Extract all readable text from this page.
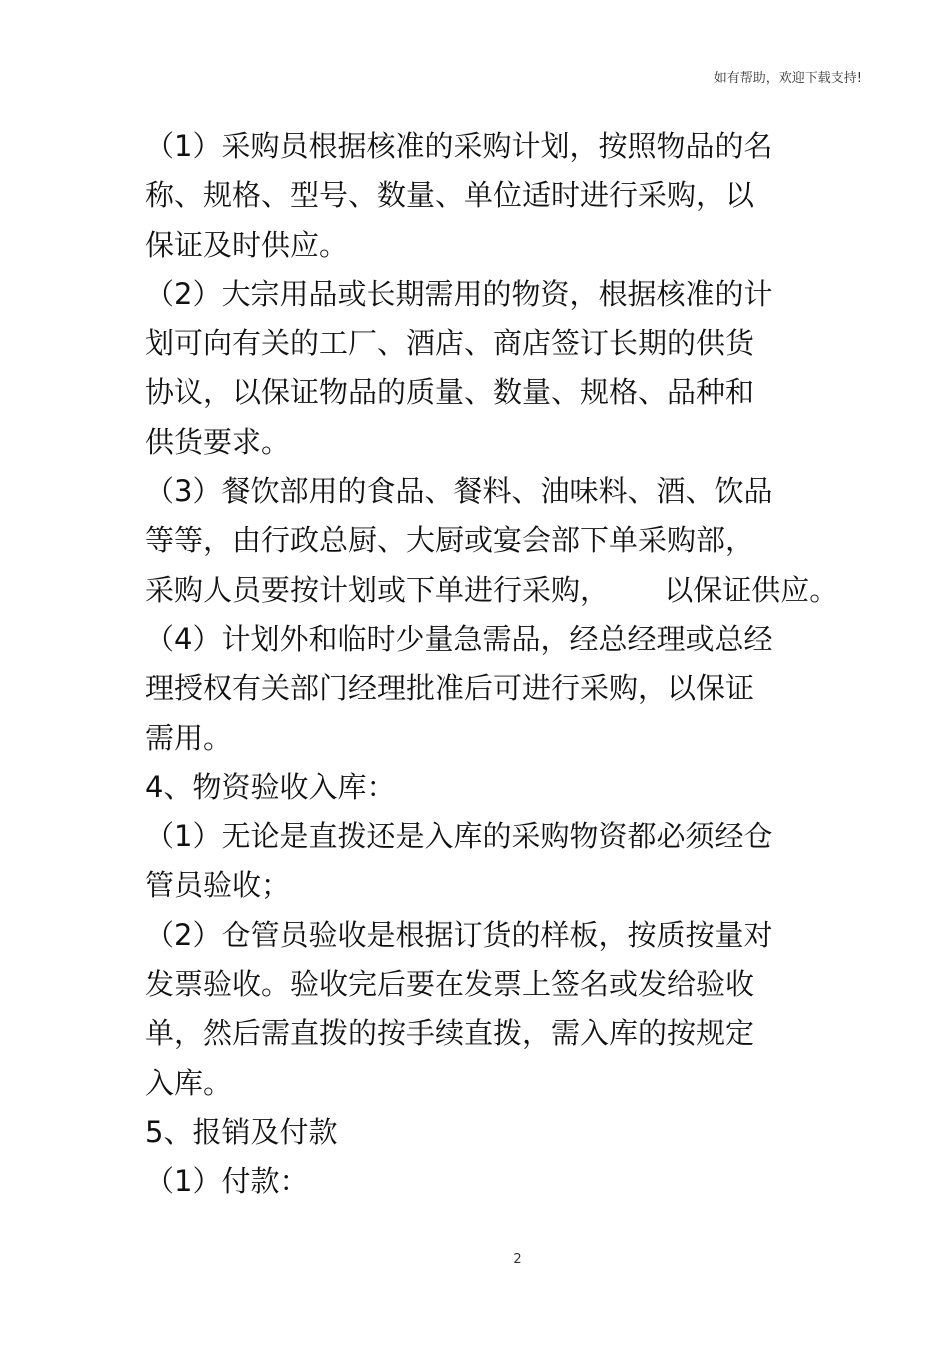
如有帮助，欢迎下载支持!
（1）采购员根据核准的采购计划，按照物品的名
称、规格、型号、数量、单位适时进行采购，以
保证及时供应。
（2）大宗用品或长期需用的物资，根据核准的计
划可向有关的工厂、酒店、商店签订长期的供货
协议，以保证物品的质量、数量、规格、品种和
供货要求。
（3）餐饮部用的食品、餐料、油味料、酒、饮品
等等，由行政总厨、大厨或宴会部下单采购部，
采购人员要按计划或下单进行采购，      以保证供应。
（4）计划外和临时少量急需品，经总经理或总经
理授权有关部门经理批准后可进行采购，以保证
需用。
4、物资验收入库：
（1）无论是直拨还是入库的采购物资都必须经仓
管员验收；
（2）仓管员验收是根据订货的样板，按质按量对
发票验收。验收完后要在发票上签名或发给验收
单，然后需直拨的按手续直拨，需入库的按规定
入库。
5、报销及付款
（1）付款：
2
